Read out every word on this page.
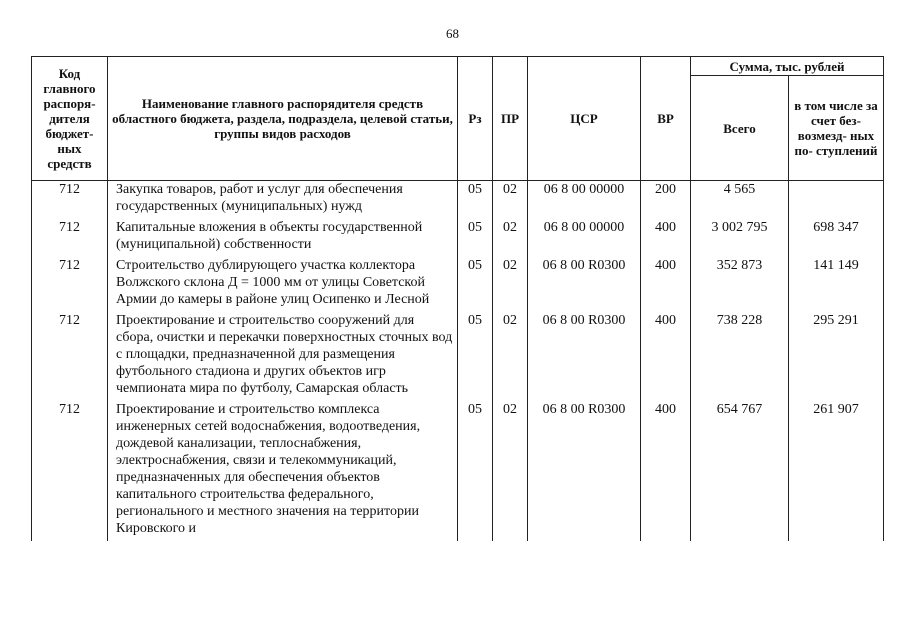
68
Код главного распоря- дителя бюджет- ных средств	Наименование главного распорядителя средств областного бюджета, раздела, подраздела, целевой статьи, группы видов расходов	Рз	ПР	ЦСР	ВР	Сумма, тыс. рублей	
						Всего	в том числе за счет без- возмезд- ных по- ступлений
712	Закупка товаров, работ и услуг для обеспечения государственных (муниципальных) нужд	05	02	06 8 00 00000	200	4 565	
712	Капитальные вложения в объекты государственной (муниципальной) собственности	05	02	06 8 00 00000	400	3 002 795	698 347
712	Строительство дублирующего участка коллектора Волжского склона Д = 1000 мм от улицы Советской Армии до камеры в районе улиц Осипенко и Лесной	05	02	06 8 00 R0300	400	352 873	141 149
712	Проектирование и строительство сооружений для сбора, очистки и перекачки поверхностных сточных вод с площадки, предназначенной для размещения футбольного стадиона и других объектов игр чемпионата мира по футболу, Самарская область	05	02	06 8 00 R0300	400	738 228	295 291
712	Проектирование и строительство комплекса инженерных сетей водоснабжения, водоотведения, дождевой канализации, теплоснабжения, электроснабжения, связи и телекоммуникаций, предназначенных для обеспечения объектов капитального строительства федерального, регионального и местного значения на территории Кировского и	05	02	06 8 00 R0300	400	654 767	261 907
